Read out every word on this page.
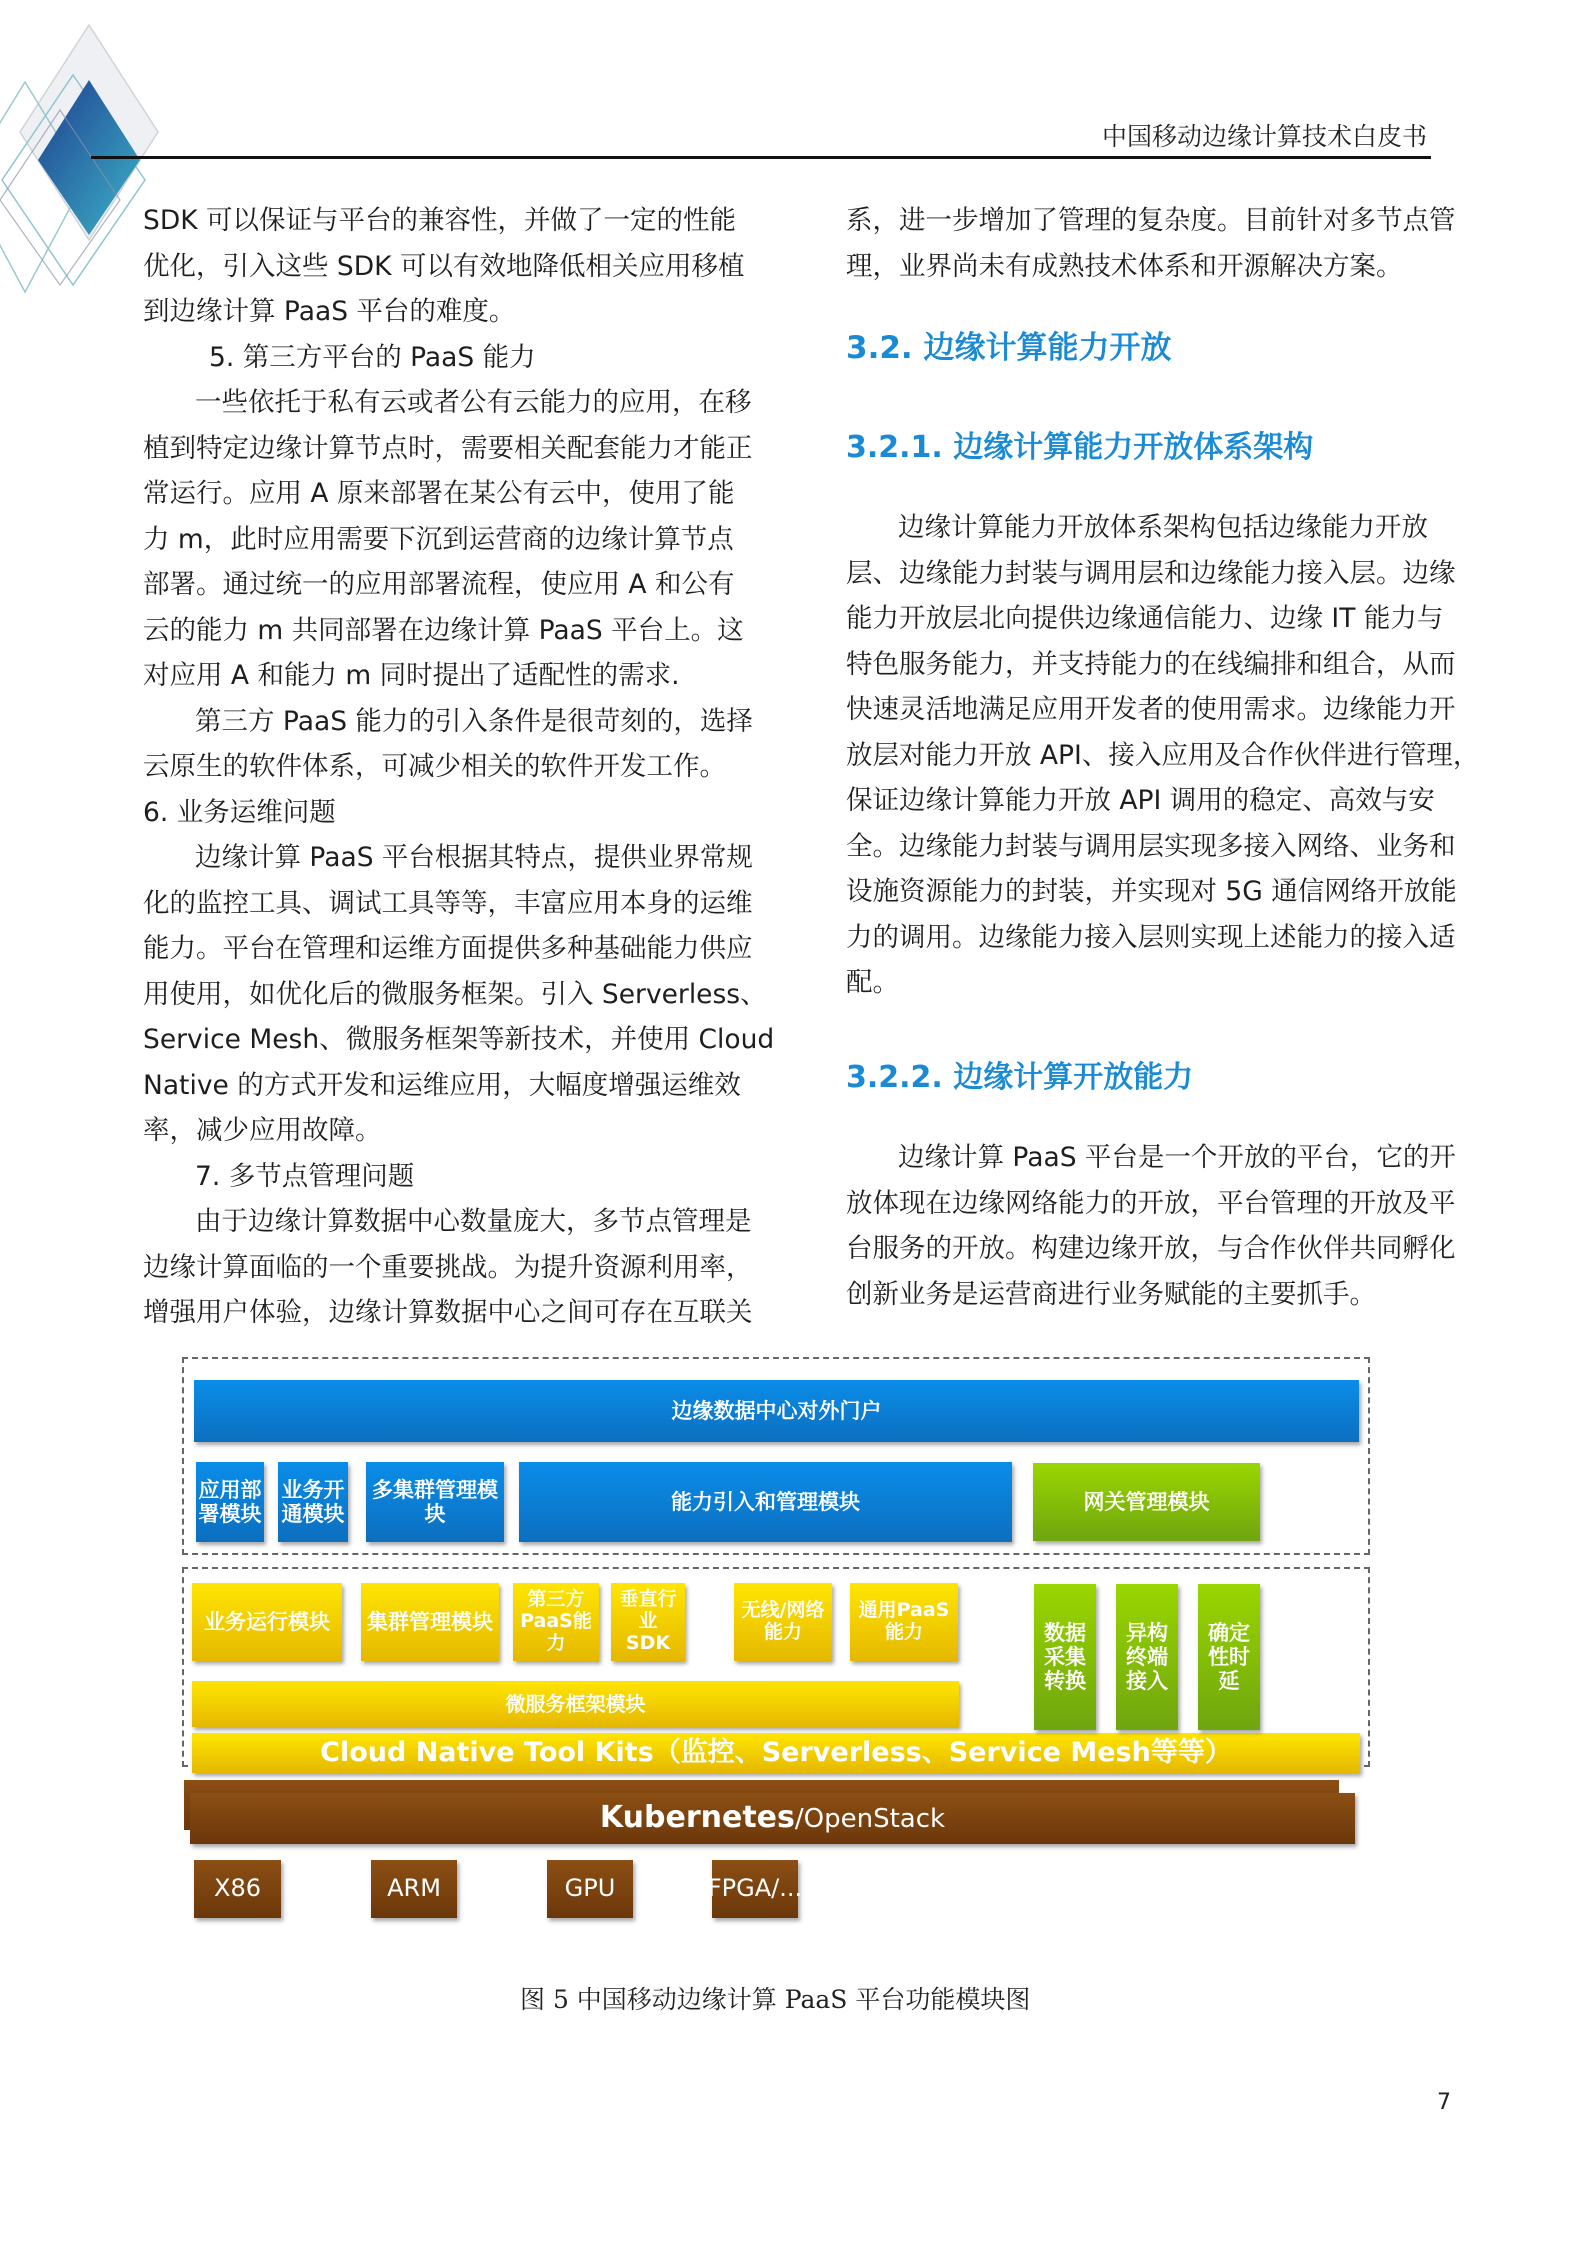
中国移动边缘计算技术白皮书
SDK 可以保证与平台的兼容性，并做了一定的性能
优化，引入这些 SDK 可以有效地降低相关应用移植
到边缘计算 PaaS 平台的难度。
5. 第三方平台的 PaaS 能力
一些依托于私有云或者公有云能力的应用，在移
植到特定边缘计算节点时，需要相关配套能力才能正
常运行。应用 A 原来部署在某公有云中，使用了能
力 m，此时应用需要下沉到运营商的边缘计算节点
部署。通过统一的应用部署流程，使应用 A 和公有
云的能力 m 共同部署在边缘计算 PaaS 平台上。这
对应用 A 和能力 m 同时提出了适配性的需求.
第三方 PaaS 能力的引入条件是很苛刻的，选择
云原生的软件体系，可减少相关的软件开发工作。
6. 业务运维问题
边缘计算 PaaS 平台根据其特点，提供业界常规
化的监控工具、调试工具等等，丰富应用本身的运维
能力。平台在管理和运维方面提供多种基础能力供应
用使用，如优化后的微服务框架。引入 Serverless、
Service Mesh、微服务框架等新技术，并使用 Cloud
Native 的方式开发和运维应用，大幅度增强运维效
率，减少应用故障。
7. 多节点管理问题
由于边缘计算数据中心数量庞大，多节点管理是
边缘计算面临的一个重要挑战。为提升资源利用率，
增强用户体验，边缘计算数据中心之间可存在互联关
系，进一步增加了管理的复杂度。目前针对多节点管
理，业界尚未有成熟技术体系和开源解决方案。
3.2. 边缘计算能力开放
3.2.1. 边缘计算能力开放体系架构
边缘计算能力开放体系架构包括边缘能力开放
层、边缘能力封装与调用层和边缘能力接入层。边缘
能力开放层北向提供边缘通信能力、边缘 IT 能力与
特色服务能力，并支持能力的在线编排和组合，从而
快速灵活地满足应用开发者的使用需求。边缘能力开
放层对能力开放 API、接入应用及合作伙伴进行管理，
保证边缘计算能力开放 API 调用的稳定、高效与安
全。边缘能力封装与调用层实现多接入网络、业务和
设施资源能力的封装，并实现对 5G 通信网络开放能
力的调用。边缘能力接入层则实现上述能力的接入适
配。
3.2.2. 边缘计算开放能力
边缘计算 PaaS 平台是一个开放的平台，它的开
放体现在边缘网络能力的开放，平台管理的开放及平
台服务的开放。构建边缘开放，与合作伙伴共同孵化
创新业务是运营商进行业务赋能的主要抓手。
边缘数据中心对外门户
应用部
署模块
业务开
通模块
多集群管理模块
能力引入和管理模块	网关管理模块
业务运行模块 集群管理模块
第三方
PaaS能力
垂直行业
SDK
无线/网络
能力
通用PaaS
能力
微服务框架模块
Cloud Native Tool Kits（监控、Serverless、Service Mesh等等）
数据
采集
转换
异构
终端
接入
确定
性时
延
Kubernetes/OpenStack
X86	ARM	GPU	FPGA/...
图 5 中国移动边缘计算 PaaS 平台功能模块图
7
